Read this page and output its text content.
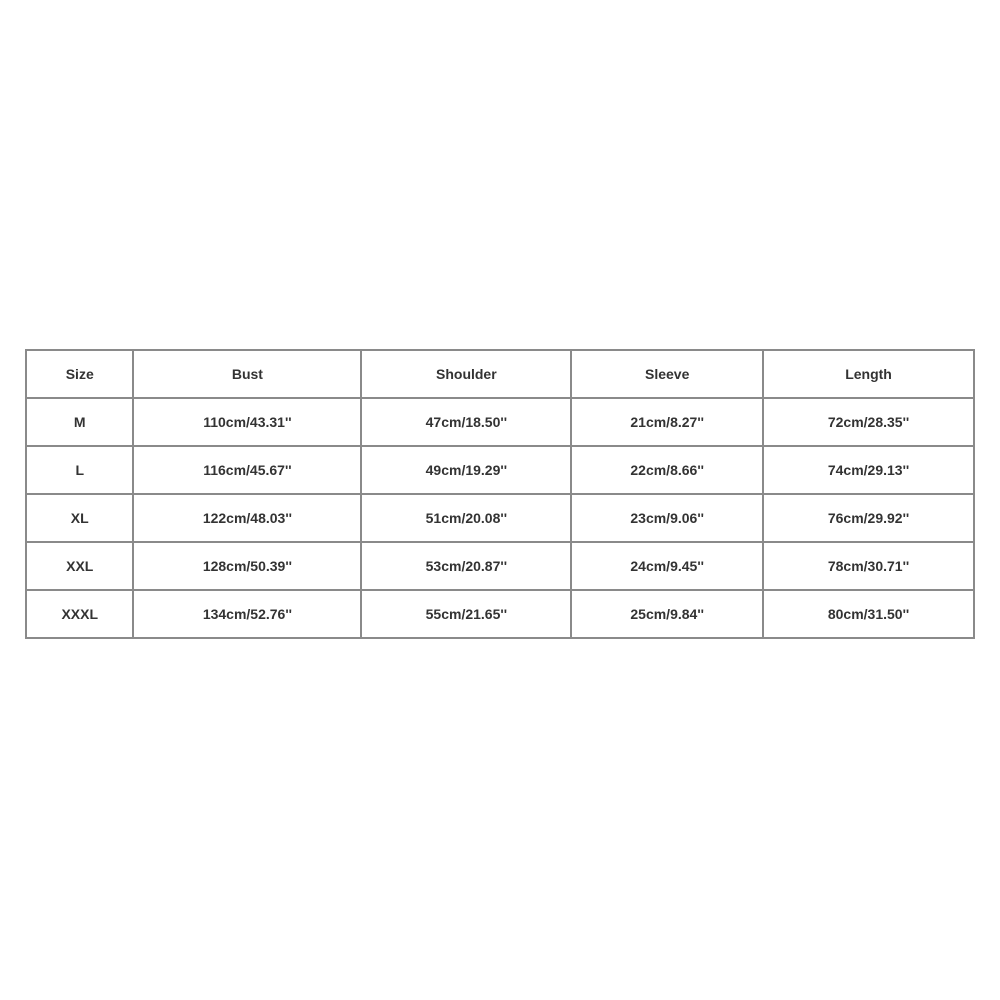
Size	Bust	Shoulder	Sleeve	Length
M	110cm/43.31''	47cm/18.50''	21cm/8.27''	72cm/28.35''
L	116cm/45.67''	49cm/19.29''	22cm/8.66''	74cm/29.13''
XL	122cm/48.03''	51cm/20.08''	23cm/9.06''	76cm/29.92''
XXL	128cm/50.39''	53cm/20.87''	24cm/9.45''	78cm/30.71''
XXXL	134cm/52.76''	55cm/21.65''	25cm/9.84''	80cm/31.50''
